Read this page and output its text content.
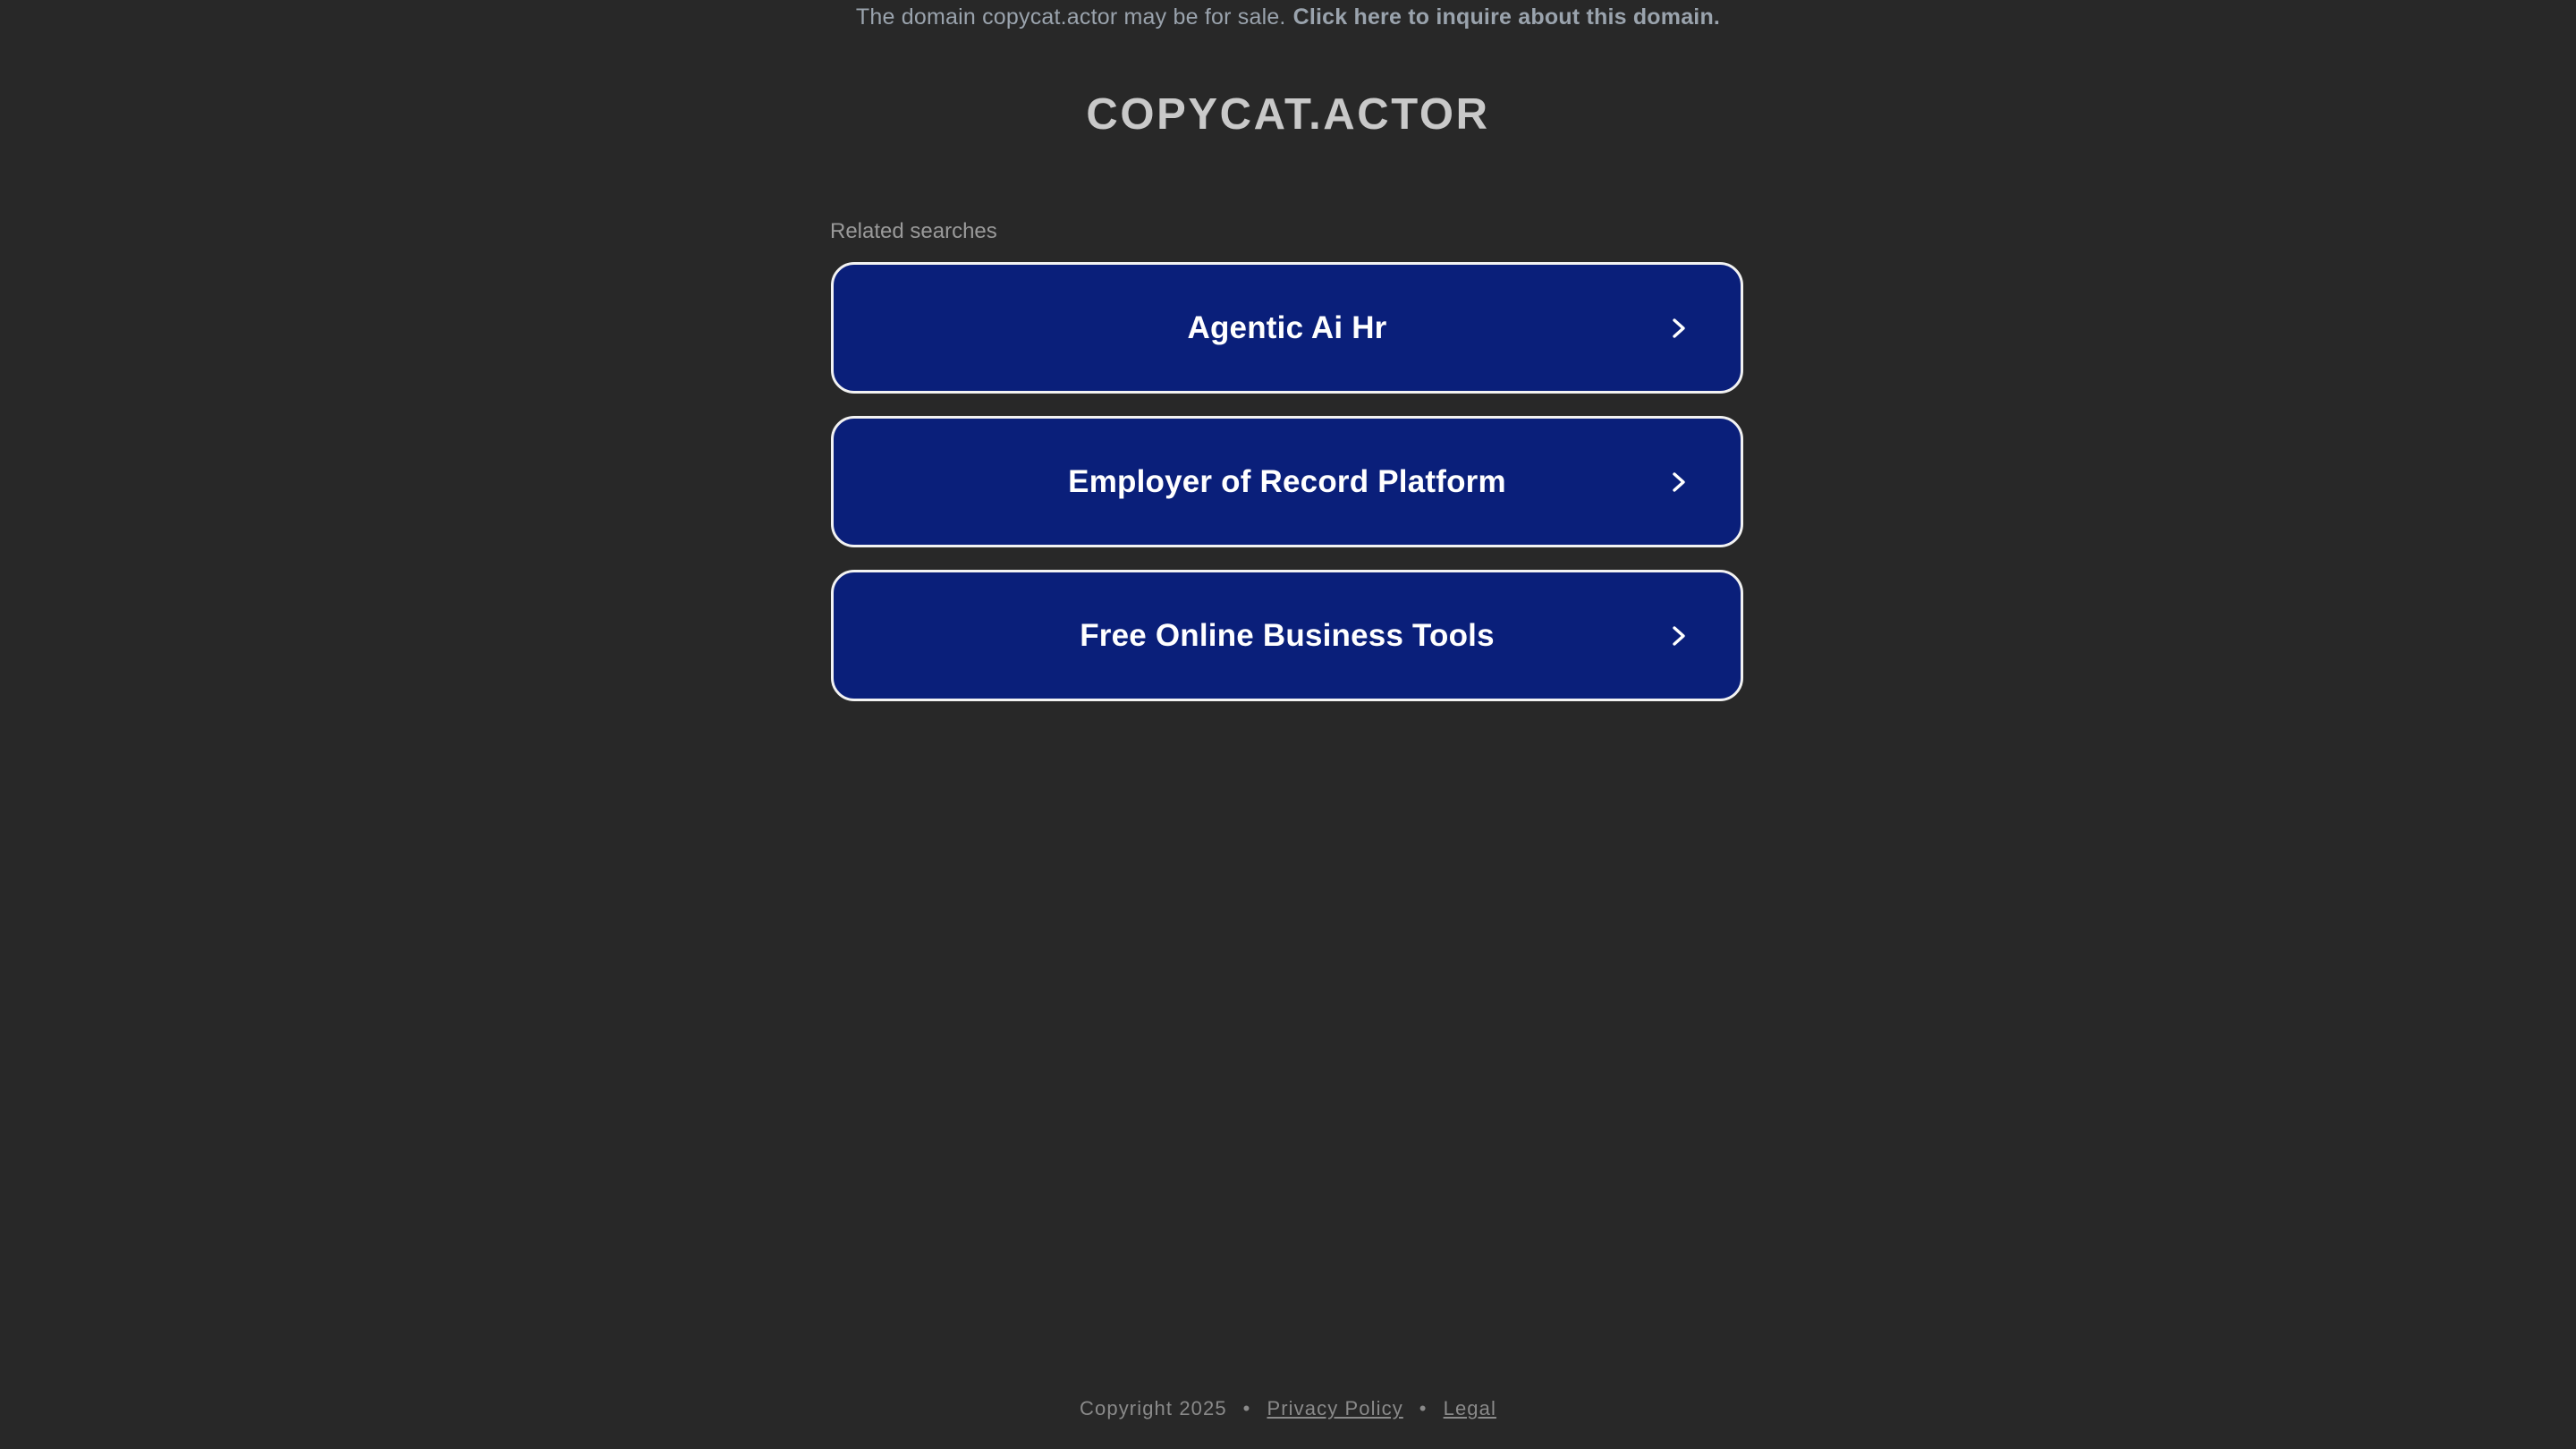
The domain copycat.actor may be for sale. Click here to inquire about this domain.
COPYCAT.ACTOR
Related searches
Agentic Ai Hr
Employer of Record Platform
Free Online Business Tools
Copyright 2025 • Privacy Policy • Legal
